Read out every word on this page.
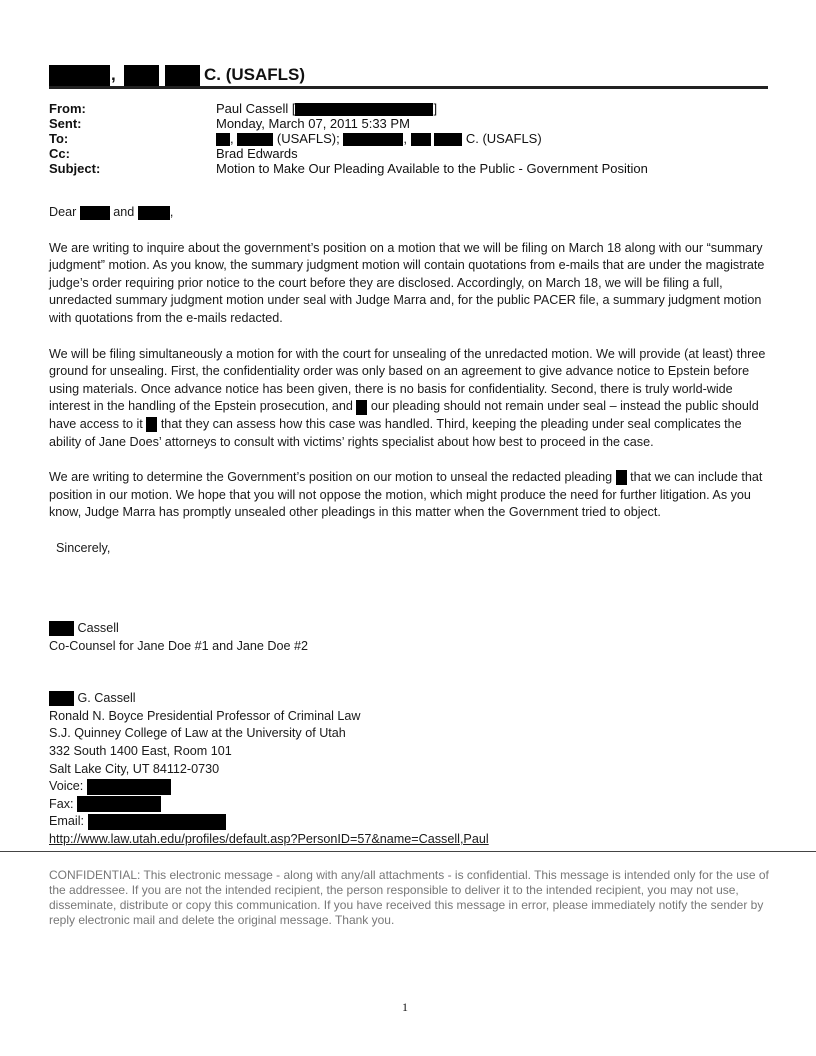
,	C. (USAFLS)
From:	Paul Cassell [	]
Sent:	Monday, March 07, 2011 5:33 PM
To:	,	(USAFLS);	,	C. (USAFLS)
Cc:	Brad Edwards
Subject:	Motion to Make Our Pleading Available to the Public - Government Position

Dear	and	,

We are writing to inquire about the government’s position on a motion that we will be filing on March 18 along with our “summary judgment” motion. As you know, the summary judgment motion will contain quotations from e-mails that are under the magistrate judge’s order requiring prior notice to the court before they are disclosed. Accordingly, on March 18, we will be filing a full, unredacted summary judgment motion under seal with Judge Marra and, for the public PACER file, a summary judgment motion with quotations from the e-mails redacted.

We will be filing simultaneously a motion for with the court for unsealing of the unredacted motion. We will provide (at least) three ground for unsealing. First, the confidentiality order was only based on an agreement to give advance notice to Epstein before using materials. Once advance notice has been given, there is no basis for confidentiality. Second, there is truly world-wide interest in the handling of the Epstein prosecution, and our pleading should not remain under seal – instead the public should have access to it that they can assess how this case was handled. Third, keeping the pleading under seal complicates the ability of Jane Does’ attorneys to consult with victims’ rights specialist about how best to proceed in the case.

We are writing to determine the Government’s position on our motion to unseal the redacted pleading that we can include that position in our motion. We hope that you will not oppose the motion, which might produce the need for further litigation. As you know, Judge Marra has promptly unsealed other pleadings in this matter when the Government tried to object.

Sincerely,

Cassell
Co-Counsel for Jane Doe #1 and Jane Doe #2
G. Cassell
Ronald N. Boyce Presidential Professor of Criminal Law
S.J. Quinney College of Law at the University of Utah
332 South 1400 East, Room 101
Salt Lake City, UT 84112-0730
Voice:
Fax:
Email:
http://www.law.utah.edu/profiles/default.asp?PersonID=57&name=Cassell,Paul
CONFIDENTIAL: This electronic message - along with any/all attachments - is confidential. This message is intended only for the use of the addressee. If you are not the intended recipient, the person responsible to deliver it to the intended recipient, you may not use, disseminate, distribute or copy this communication. If you have received this message in error, please immediately notify the sender by reply electronic mail and delete the original message. Thank you.
1
